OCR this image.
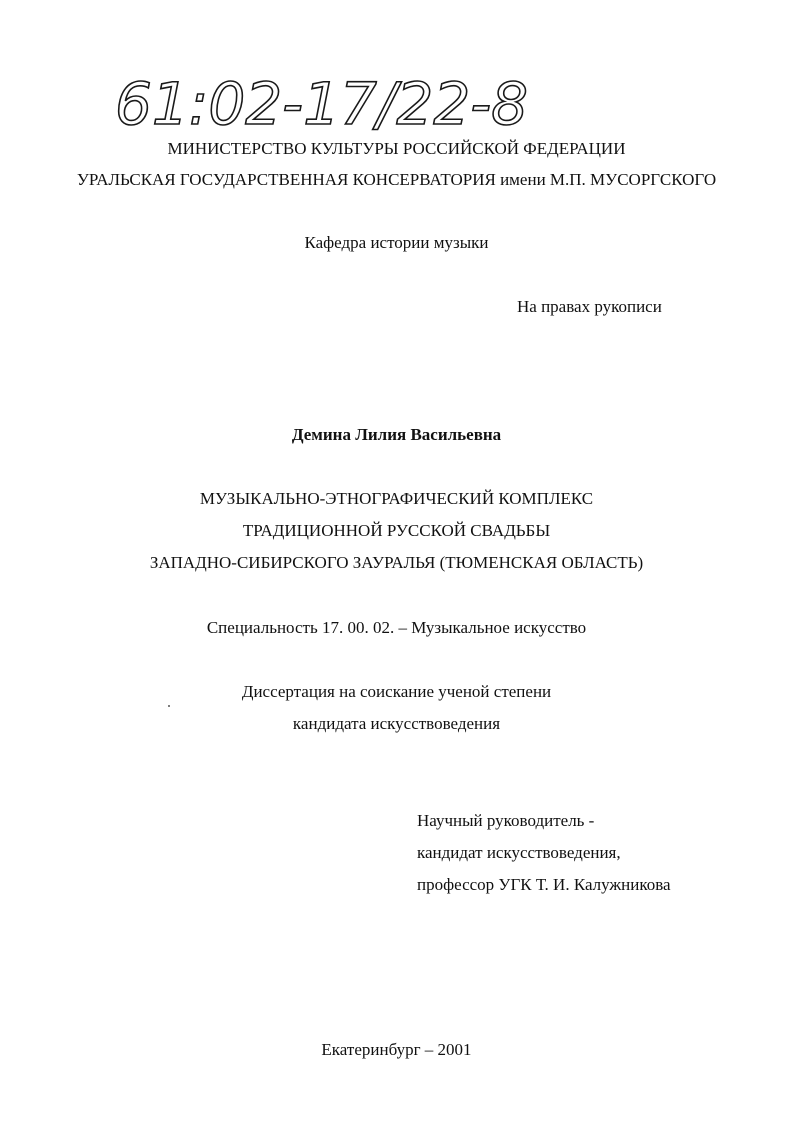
61:02-17/22-8
МИНИСТЕРСТВО КУЛЬТУРЫ РОССИЙСКОЙ ФЕДЕРАЦИИ
УРАЛЬСКАЯ ГОСУДАРСТВЕННАЯ КОНСЕРВАТОРИЯ имени М.П. МУСОРГСКОГО
Кафедра истории музыки
На правах рукописи
Демина Лилия Васильевна
МУЗЫКАЛЬНО-ЭТНОГРАФИЧЕСКИЙ КОМПЛЕКС
ТРАДИЦИОННОЙ РУССКОЙ СВАДЬБЫ
ЗАПАДНО-СИБИРСКОГО ЗАУРАЛЬЯ (ТЮМЕНСКАЯ ОБЛАСТЬ)
Специальность 17. 00. 02. – Музыкальное искусство
Диссертация на соискание ученой степени
кандидата искусствоведения
Научный руководитель -
кандидат искусствоведения,
профессор УГК Т. И. Калужникова
Екатеринбург – 2001
